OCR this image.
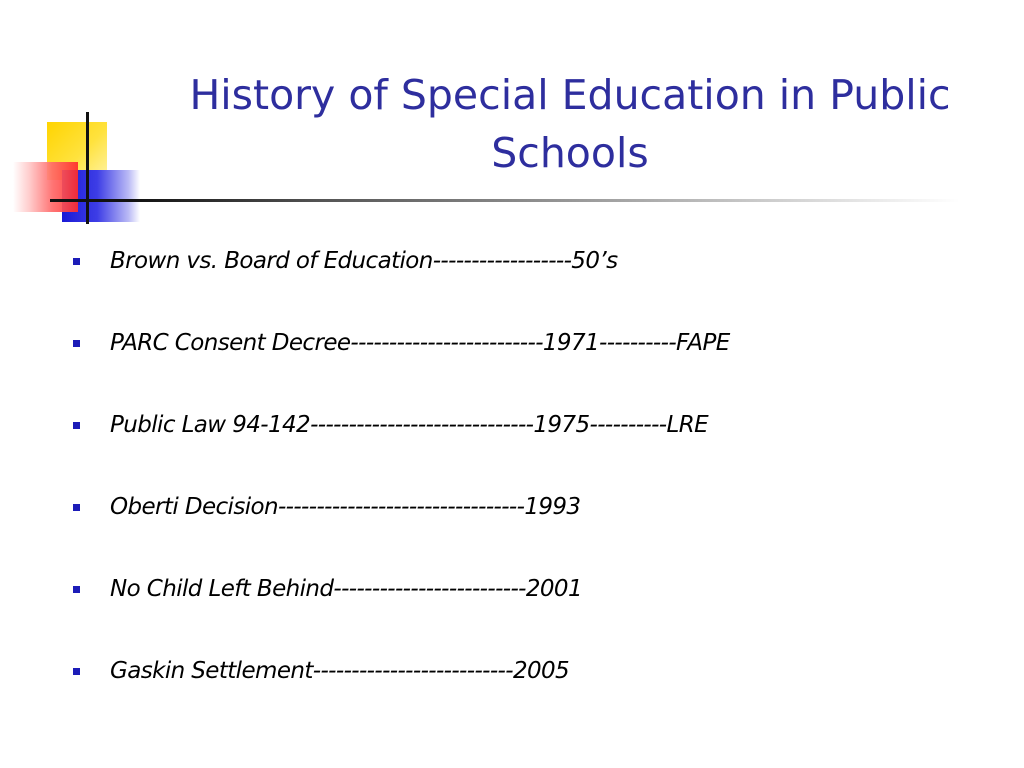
History of Special Education in Public Schools
Brown vs. Board of Education------------------50’s
PARC Consent Decree-------------------------1971----------FAPE
Public Law 94-142-----------------------------1975----------LRE
Oberti Decision--------------------------------1993
No Child Left Behind-------------------------2001
Gaskin Settlement--------------------------2005
